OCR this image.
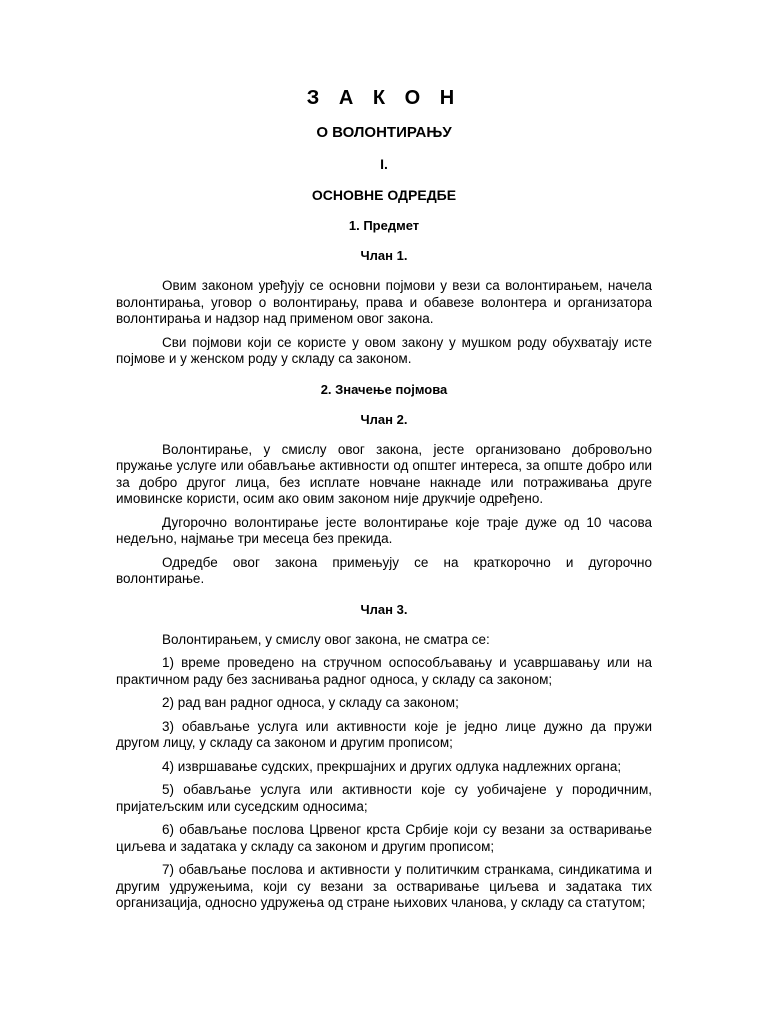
З А К О Н
О ВОЛОНТИРАЊУ
I.
ОСНОВНЕ ОДРЕДБЕ
1. Предмет
Члан 1.

Овим законом уређују се основни појмови у вези са волонтирањем, начела волонтирања, уговор о волонтирању, права и обавезе волонтера и организатора волонтирања и надзор над применом овог закона.

Сви појмови који се користе у овом закону у мушком роду обухватају исте појмове и у женском роду у складу са законом.

2. Значење појмова
Члан 2.

Волонтирање, у смислу овог закона, јесте организовано добровољно пружање услуге или обављање активности од општег интереса, за опште добро или за добро другог лица, без исплате новчане накнаде или потраживања друге имовинске користи, осим ако овим законом није друкчије одређено.

Дугорочно волонтирање јесте волонтирање које траје дуже од 10 часова недељно, најмање три месеца без прекида.

Одредбе овог закона примењују се на краткорочно и дугорочно волонтирање.

Члан 3.

Волонтирањем, у смислу овог закона, не сматра се:

1) време проведено на стручном оспособљавању и усавршавању или на практичном раду без заснивања радног односа, у складу са законом;

2) рад ван радног односа, у складу са законом;

3) обављање услуга или активности које је једно лице дужно да пружи другом лицу, у складу са законом и другим прописом;

4) извршавање судских, прекршајних и других одлука надлежних органа;

5) обављање услуга или активности које су уобичајене у породичним, пријатељским или суседским односима;

6) обављање послова Црвеног крста Србије који су везани за остваривање циљева и задатака у складу са законом и другим прописом;

7) обављање послова и активности у политичким странкама, синдикатима и другим удружењима, који су везани за остваривање циљева и задатака тих организација, односно удружења од стране њихових чланова, у складу са статутом;
